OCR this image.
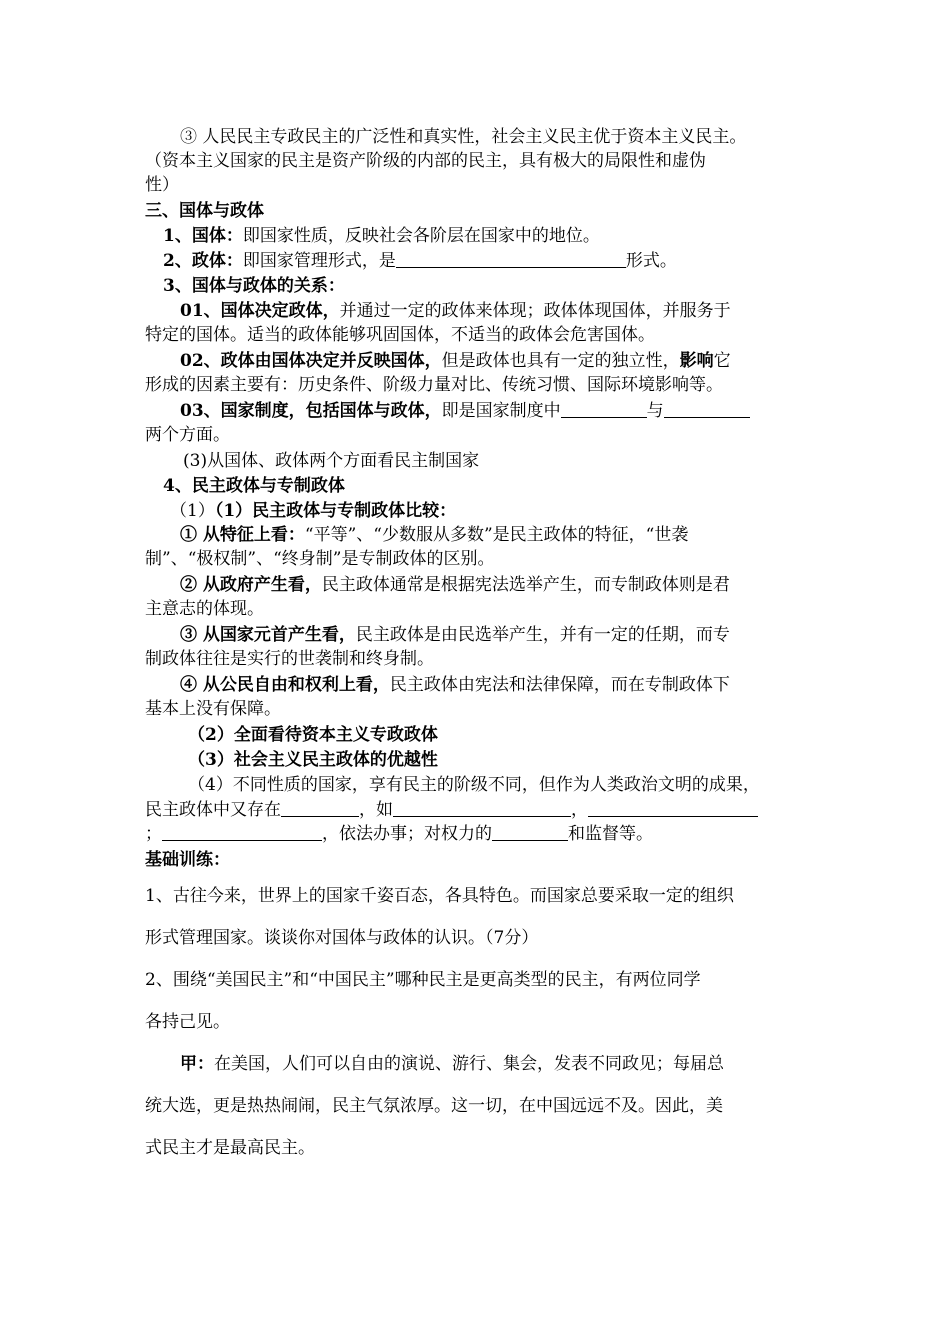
③ 人民民主专政民主的广泛性和真实性，社会主义民主优于资本主义民主。
（资本主义国家的民主是资产阶级的内部的民主，具有极大的局限性和虚伪
性）
三、国体与政体
1、国体：即国家性质，反映社会各阶层在国家中的地位。
2、政体：即国家管理形式，是	形式。
3、国体与政体的关系：
01、国体决定政体，并通过一定的政体来体现；政体体现国体，并服务于
特定的国体。适当的政体能够巩固国体，不适当的政体会危害国体。
02、政体由国体决定并反映国体，但是政体也具有一定的独立性，影响它
形成的因素主要有：历史条件、阶级力量对比、传统习惯、国际环境影响等。
03、国家制度，包括国体与政体，即是国家制度中	与
两个方面。
(3)从国体、政体两个方面看民主制国家
4、民主政体与专制政体
（1）（1）民主政体与专制政体比较：
① 从特征上看：“平等”、“少数服从多数”是民主政体的特征，“世袭
制”、“极权制”、“终身制”是专制政体的区别。
② 从政府产生看，民主政体通常是根据宪法选举产生，而专制政体则是君
主意志的体现。
③ 从国家元首产生看，民主政体是由民选举产生，并有一定的任期，而专
制政体往往是实行的世袭制和终身制。
④ 从公民自由和权利上看，民主政体由宪法和法律保障，而在专制政体下
基本上没有保障。
（2）全面看待资本主义专政政体
（3）社会主义民主政体的优越性
（4）不同性质的国家，享有民主的阶级不同，但作为人类政治文明的成果，
民主政体中又存在	，如	，
；	，依法办事；对权力的	和监督等。
基础训练：
1、古往今来，世界上的国家千姿百态，各具特色。而国家总要采取一定的组织
形式管理国家。谈谈你对国体与政体的认识。（7分）
2、围绕“美国民主”和“中国民主”哪种民主是更高类型的民主，有两位同学
各持己见。
甲：在美国，人们可以自由的演说、游行、集会，发表不同政见；每届总
统大选，更是热热闹闹，民主气氛浓厚。这一切，在中国远远不及。因此，美
式民主才是最高民主。
